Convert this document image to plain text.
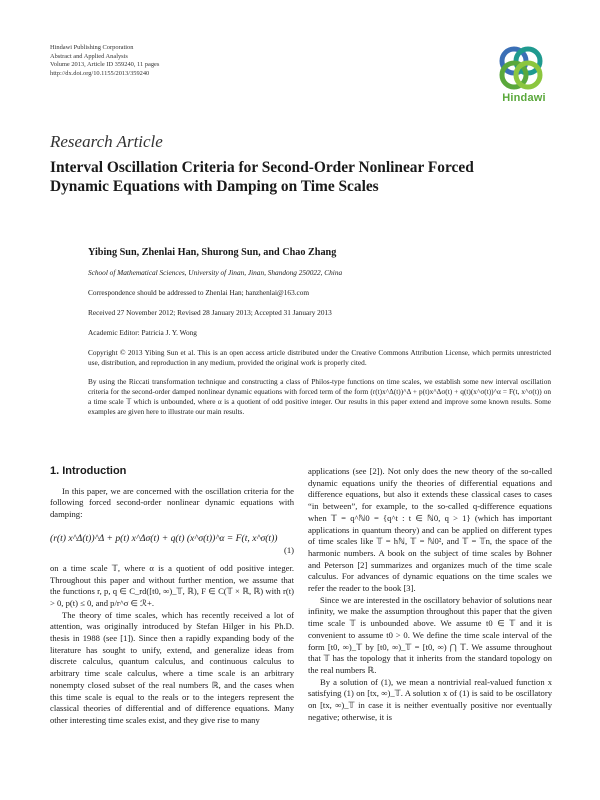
Hindawi Publishing Corporation
Abstract and Applied Analysis
Volume 2013, Article ID 359240, 11 pages
http://dx.doi.org/10.1155/2013/359240
Hindawi
Research Article
Interval Oscillation Criteria for Second-Order Nonlinear Forced Dynamic Equations with Damping on Time Scales
Yibing Sun, Zhenlai Han, Shurong Sun, and Chao Zhang
School of Mathematical Sciences, University of Jinan, Jinan, Shandong 250022, China
Correspondence should be addressed to Zhenlai Han; hanzhenlai@163.com
Received 27 November 2012; Revised 28 January 2013; Accepted 31 January 2013
Academic Editor: Patricia J. Y. Wong
Copyright © 2013 Yibing Sun et al. This is an open access article distributed under the Creative Commons Attribution License, which permits unrestricted use, distribution, and reproduction in any medium, provided the original work is properly cited.
By using the Riccati transformation technique and constructing a class of Philos-type functions on time scales, we establish some new interval oscillation criteria for the second-order damped nonlinear dynamic equations with forced term of the form (r(t)x^Δ(t))^Δ + p(t)x^Δσ(t) + q(t)(x^σ(t))^α = F(t, x^σ(t)) on a time scale 𝕋 which is unbounded, where α is a quotient of odd positive integer. Our results in this paper extend and improve some known results. Some examples are given here to illustrate our main results.
1. Introduction

In this paper, we are concerned with the oscillation criteria for the following forced second-order nonlinear dynamic equations with damping:

(r(t) x^Δ(t))^Δ + p(t) x^Δσ(t) + q(t) (x^σ(t))^α = F(t, x^σ(t))
(1)

on a time scale 𝕋, where α is a quotient of odd positive integer. Throughout this paper and without further mention, we assume that the functions r, p, q ∈ C_rd([t0, ∞)_𝕋, ℝ), F ∈ C(𝕋 × ℝ, ℝ) with r(t) > 0, p(t) ≤ 0, and p/r^σ ∈ ℛ+.

The theory of time scales, which has recently received a lot of attention, was originally introduced by Stefan Hilger in his Ph.D. thesis in 1988 (see [1]). Since then a rapidly expanding body of the literature has sought to unify, extend, and generalize ideas from discrete calculus, quantum calculus, and continuous calculus to arbitrary time scale calculus, where a time scale is an arbitrary nonempty closed subset of the real numbers ℝ, and the cases when this time scale is equal to the reals or to the integers represent the classical theories of differential and of difference equations. Many other interesting time scales exist, and they give rise to many

applications (see [2]). Not only does the new theory of the so-called dynamic equations unify the theories of differential equations and difference equations, but also it extends these classical cases to cases “in between”, for example, to the so-called q-difference equations when 𝕋 = q^ℕ0 = {q^t : t ∈ ℕ0, q > 1} (which has important applications in quantum theory) and can be applied on different types of time scales like 𝕋 = hℕ, 𝕋 = ℕ0², and 𝕋 = 𝕋n, the space of the harmonic numbers. A book on the subject of time scales by Bohner and Peterson [2] summarizes and organizes much of the time scale calculus. For advances of dynamic equations on the time scales we refer the reader to the book [3].

Since we are interested in the oscillatory behavior of solutions near infinity, we make the assumption throughout this paper that the given time scale 𝕋 is unbounded above. We assume t0 ∈ 𝕋 and it is convenient to assume t0 > 0. We define the time scale interval of the form [t0, ∞)_𝕋 by [t0, ∞)_𝕋 = [t0, ∞) ⋂ 𝕋. We assume throughout that 𝕋 has the topology that it inherits from the standard topology on the real numbers ℝ.

By a solution of (1), we mean a nontrivial real-valued function x satisfying (1) on [tx, ∞)_𝕋. A solution x of (1) is said to be oscillatory on [tx, ∞)_𝕋 in case it is neither eventually positive nor eventually negative; otherwise, it is
